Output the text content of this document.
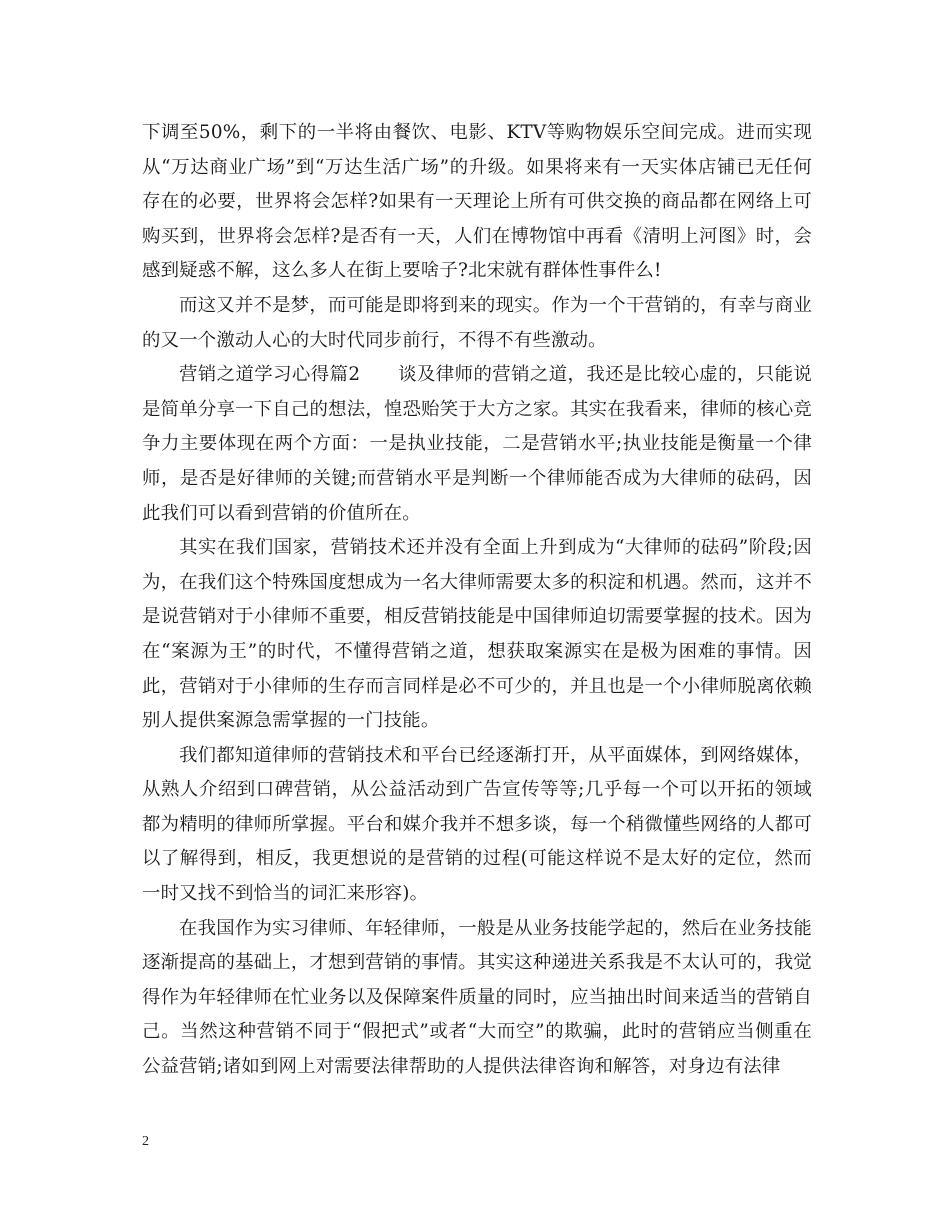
下调至50%，剩下的一半将由餐饮、电影、KTV等购物娱乐空间完成。进而实现从“万达商业广场”到“万达生活广场”的升级。如果将来有一天实体店铺已无任何存在的必要，世界将会怎样?如果有一天理论上所有可供交换的商品都在网络上可购买到，世界将会怎样?是否有一天，人们在博物馆中再看《清明上河图》时，会感到疑惑不解，这么多人在街上要啥子?北宋就有群体性事件么!

而这又并不是梦，而可能是即将到来的现实。作为一个干营销的，有幸与商业的又一个激动人心的大时代同步前行，不得不有些激动。

营销之道学习心得篇2　　谈及律师的营销之道，我还是比较心虚的，只能说是简单分享一下自己的想法，惶恐贻笑于大方之家。其实在我看来，律师的核心竞争力主要体现在两个方面：一是执业技能，二是营销水平;执业技能是衡量一个律师，是否是好律师的关键;而营销水平是判断一个律师能否成为大律师的砝码，因此我们可以看到营销的价值所在。

其实在我们国家，营销技术还并没有全面上升到成为“大律师的砝码”阶段;因为，在我们这个特殊国度想成为一名大律师需要太多的积淀和机遇。然而，这并不是说营销对于小律师不重要，相反营销技能是中国律师迫切需要掌握的技术。因为在“案源为王”的时代，不懂得营销之道，想获取案源实在是极为困难的事情。因此，营销对于小律师的生存而言同样是必不可少的，并且也是一个小律师脱离依赖别人提供案源急需掌握的一门技能。

我们都知道律师的营销技术和平台已经逐渐打开，从平面媒体，到网络媒体，从熟人介绍到口碑营销，从公益活动到广告宣传等等;几乎每一个可以开拓的领域都为精明的律师所掌握。平台和媒介我并不想多谈，每一个稍微懂些网络的人都可以了解得到，相反，我更想说的是营销的过程(可能这样说不是太好的定位，然而一时又找不到恰当的词汇来形容)。

在我国作为实习律师、年轻律师，一般是从业务技能学起的，然后在业务技能逐渐提高的基础上，才想到营销的事情。其实这种递进关系我是不太认可的，我觉得作为年轻律师在忙业务以及保障案件质量的同时，应当抽出时间来适当的营销自己。当然这种营销不同于“假把式”或者“大而空”的欺骗，此时的营销应当侧重在公益营销;诸如到网上对需要法律帮助的人提供法律咨询和解答，对身边有法律

2
